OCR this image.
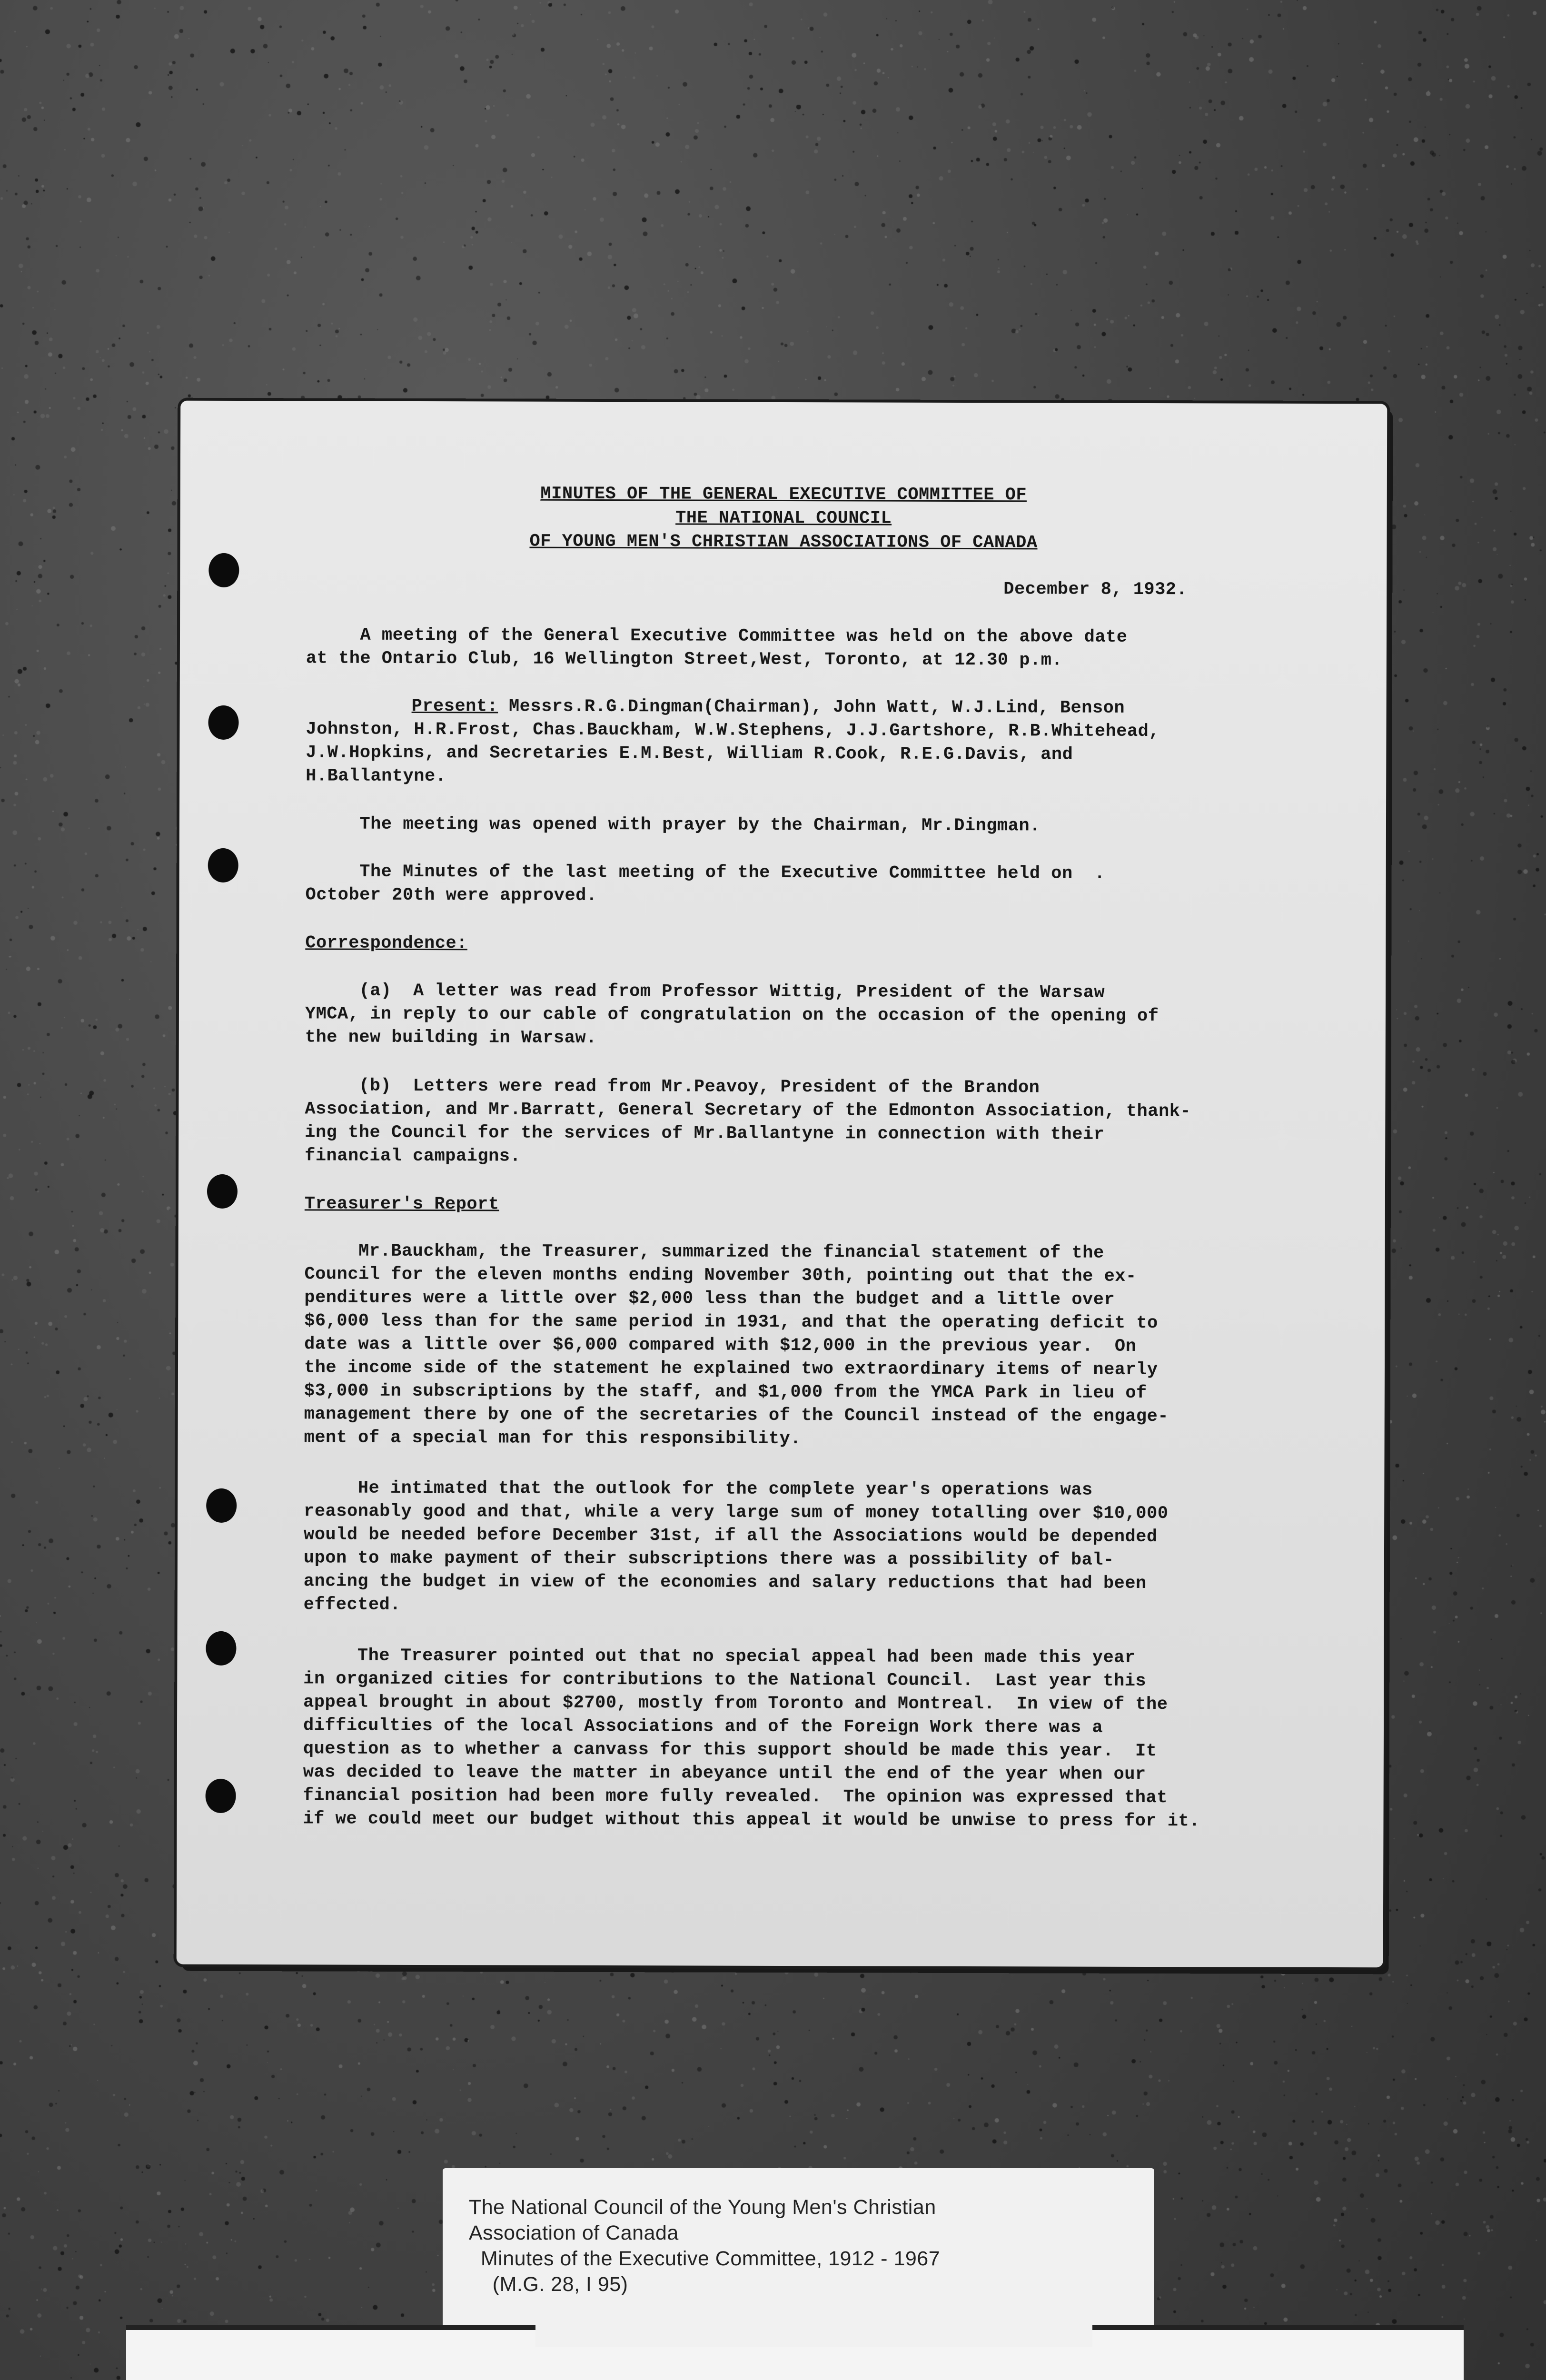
MINUTES OF THE GENERAL EXECUTIVE COMMITTEE OF
THE NATIONAL COUNCIL
OF YOUNG MEN'S CHRISTIAN ASSOCIATIONS OF CANADA
December 8, 1932.
A meeting of the General Executive Committee was held on the above date
at the Ontario Club, 16 Wellington Street,West, Toronto, at 12.30 p.m.
Present: Messrs.R.G.Dingman(Chairman), John Watt, W.J.Lind, Benson
Johnston, H.R.Frost, Chas.Bauckham, W.W.Stephens, J.J.Gartshore, R.B.Whitehead,
J.W.Hopkins, and Secretaries E.M.Best, William R.Cook, R.E.G.Davis, and
H.Ballantyne.
The meeting was opened with prayer by the Chairman, Mr.Dingman.
The Minutes of the last meeting of the Executive Committee held on  .
October 20th were approved.
Correspondence:
(a)  A letter was read from Professor Wittig, President of the Warsaw
YMCA, in reply to our cable of congratulation on the occasion of the opening of
the new building in Warsaw.
(b)  Letters were read from Mr.Peavoy, President of the Brandon
Association, and Mr.Barratt, General Secretary of the Edmonton Association, thank-
ing the Council for the services of Mr.Ballantyne in connection with their
financial campaigns.
Treasurer's Report
Mr.Bauckham, the Treasurer, summarized the financial statement of the
Council for the eleven months ending November 30th, pointing out that the ex-
penditures were a little over $2,000 less than the budget and a little over
$6,000 less than for the same period in 1931, and that the operating deficit to
date was a little over $6,000 compared with $12,000 in the previous year.  On
the income side of the statement he explained two extraordinary items of nearly
$3,000 in subscriptions by the staff, and $1,000 from the YMCA Park in lieu of
management there by one of the secretaries of the Council instead of the engage-
ment of a special man for this responsibility.
He intimated that the outlook for the complete year's operations was
reasonably good and that, while a very large sum of money totalling over $10,000
would be needed before December 31st, if all the Associations would be depended
upon to make payment of their subscriptions there was a possibility of bal-
ancing the budget in view of the economies and salary reductions that had been
effected.
The Treasurer pointed out that no special appeal had been made this year
in organized cities for contributions to the National Council.  Last year this
appeal brought in about $2700, mostly from Toronto and Montreal.  In view of the
difficulties of the local Associations and of the Foreign Work there was a
question as to whether a canvass for this support should be made this year.  It
was decided to leave the matter in abeyance until the end of the year when our
financial position had been more fully revealed.  The opinion was expressed that
if we could meet our budget without this appeal it would be unwise to press for it.
The National Council of the Young Men's Christian
Association of Canada
Minutes of the Executive Committee, 1912 - 1967
(M.G. 28, I 95)
